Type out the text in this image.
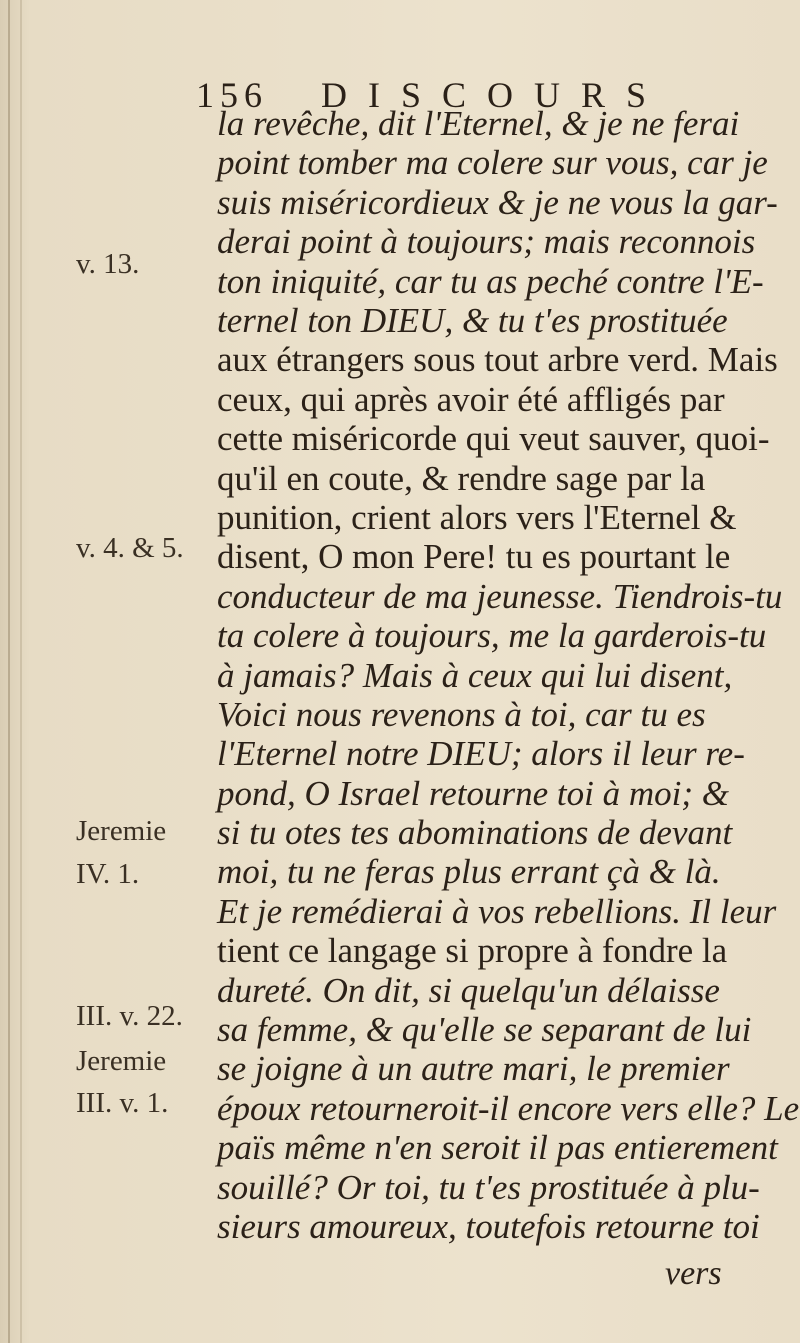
156 D I S C O U R S
v. 13.
v. 4. & 5.
Jeremie
IV. 1.
III. v. 22.
Jeremie
III. v. 1.
la revêche, dit l'Eternel, & je ne ferai
point tomber ma colere sur vous, car je
suis miséricordieux & je ne vous la gar-
derai point à toujours; mais reconnois
ton iniquité, car tu as peché contre l'E-
ternel ton DIEU, & tu t'es prostituée
aux étrangers sous tout arbre verd. Mais
ceux, qui après avoir été affligés par
cette miséricorde qui veut sauver, quoi-
qu'il en coute, & rendre sage par la
punition, crient alors vers l'Eternel &
disent, O mon Pere! tu es pourtant le
conducteur de ma jeunesse. Tiendrois-tu
ta colere à toujours, me la garderois-tu
à jamais? Mais à ceux qui lui disent,
Voici nous revenons à toi, car tu es
l'Eternel notre DIEU; alors il leur re-
pond, O Israel retourne toi à moi; &
si tu otes tes abominations de devant
moi, tu ne feras plus errant çà & là.
Et je remédierai à vos rebellions. Il leur
tient ce langage si propre à fondre la
dureté. On dit, si quelqu'un délaisse
sa femme, & qu'elle se separant de lui
se joigne à un autre mari, le premier
vers
époux retourneroit-il encore vers elle? Le
païs même n'en seroit il pas entierement
souillé? Or toi, tu t'es prostituée à plu-
sieurs amoureux, toutefois retourne toi
